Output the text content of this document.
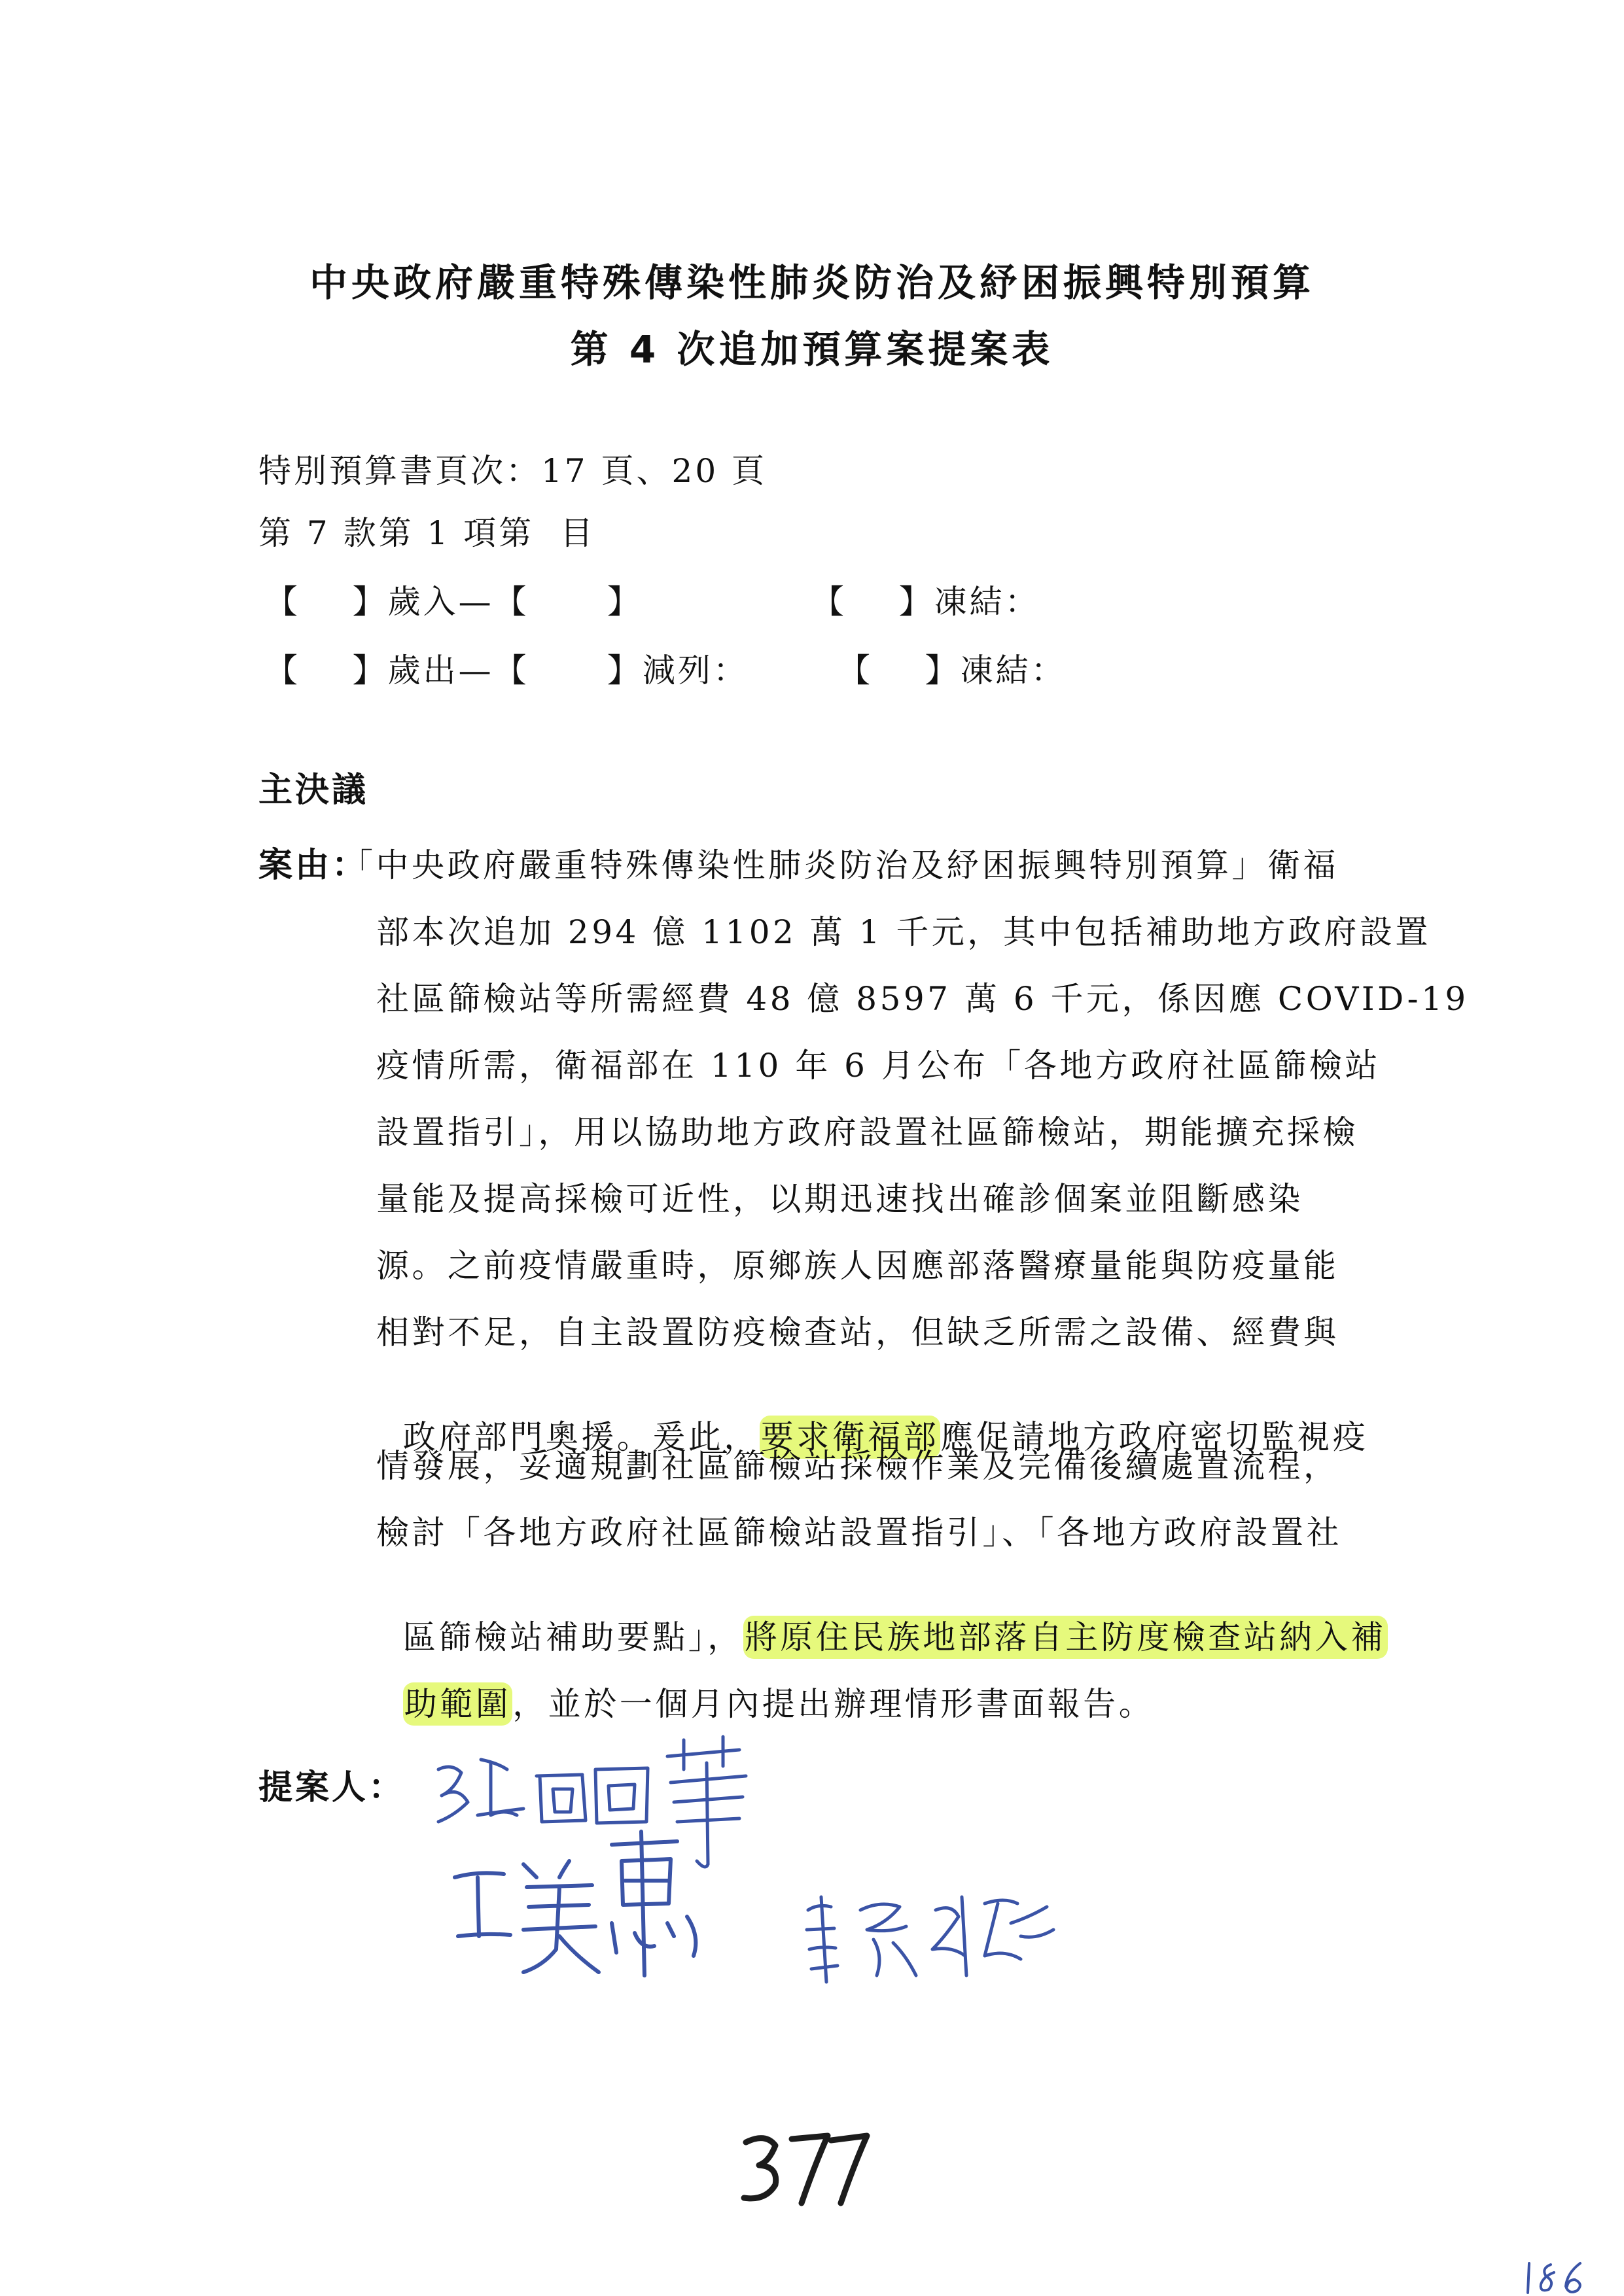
中央政府嚴重特殊傳染性肺炎防治及紓困振興特別預算
第 4 次追加預算案提案表
特別預算書頁次：17 頁、20 頁
第 7 款第 1 項第  目
【    】歲入—【      】	【    】凍結：
【    】歲出—【      】減列：	【    】凍結：
主決議
案由：
「中央政府嚴重特殊傳染性肺炎防治及紓困振興特別預算」衛福
部本次追加 294 億 1102 萬 1 千元，其中包括補助地方政府設置
社區篩檢站等所需經費 48 億 8597 萬 6 千元，係因應 COVID-19
疫情所需，衛福部在 110 年 6 月公布「各地方政府社區篩檢站
設置指引」，用以協助地方政府設置社區篩檢站，期能擴充採檢
量能及提高採檢可近性，以期迅速找出確診個案並阻斷感染
源。之前疫情嚴重時，原鄉族人因應部落醫療量能與防疫量能
相對不足，自主設置防疫檢查站，但缺乏所需之設備、經費與

政府部門奧援。爰此，要求衛福部應促請地方政府密切監視疫

情發展，妥適規劃社區篩檢站採檢作業及完備後續處置流程，
檢討「各地方政府社區篩檢站設置指引」、「各地方政府設置社

區篩檢站補助要點」，將原住民族地部落自主防度檢查站納入補

助範圍，並於一個月內提出辦理情形書面報告。

提案人：
